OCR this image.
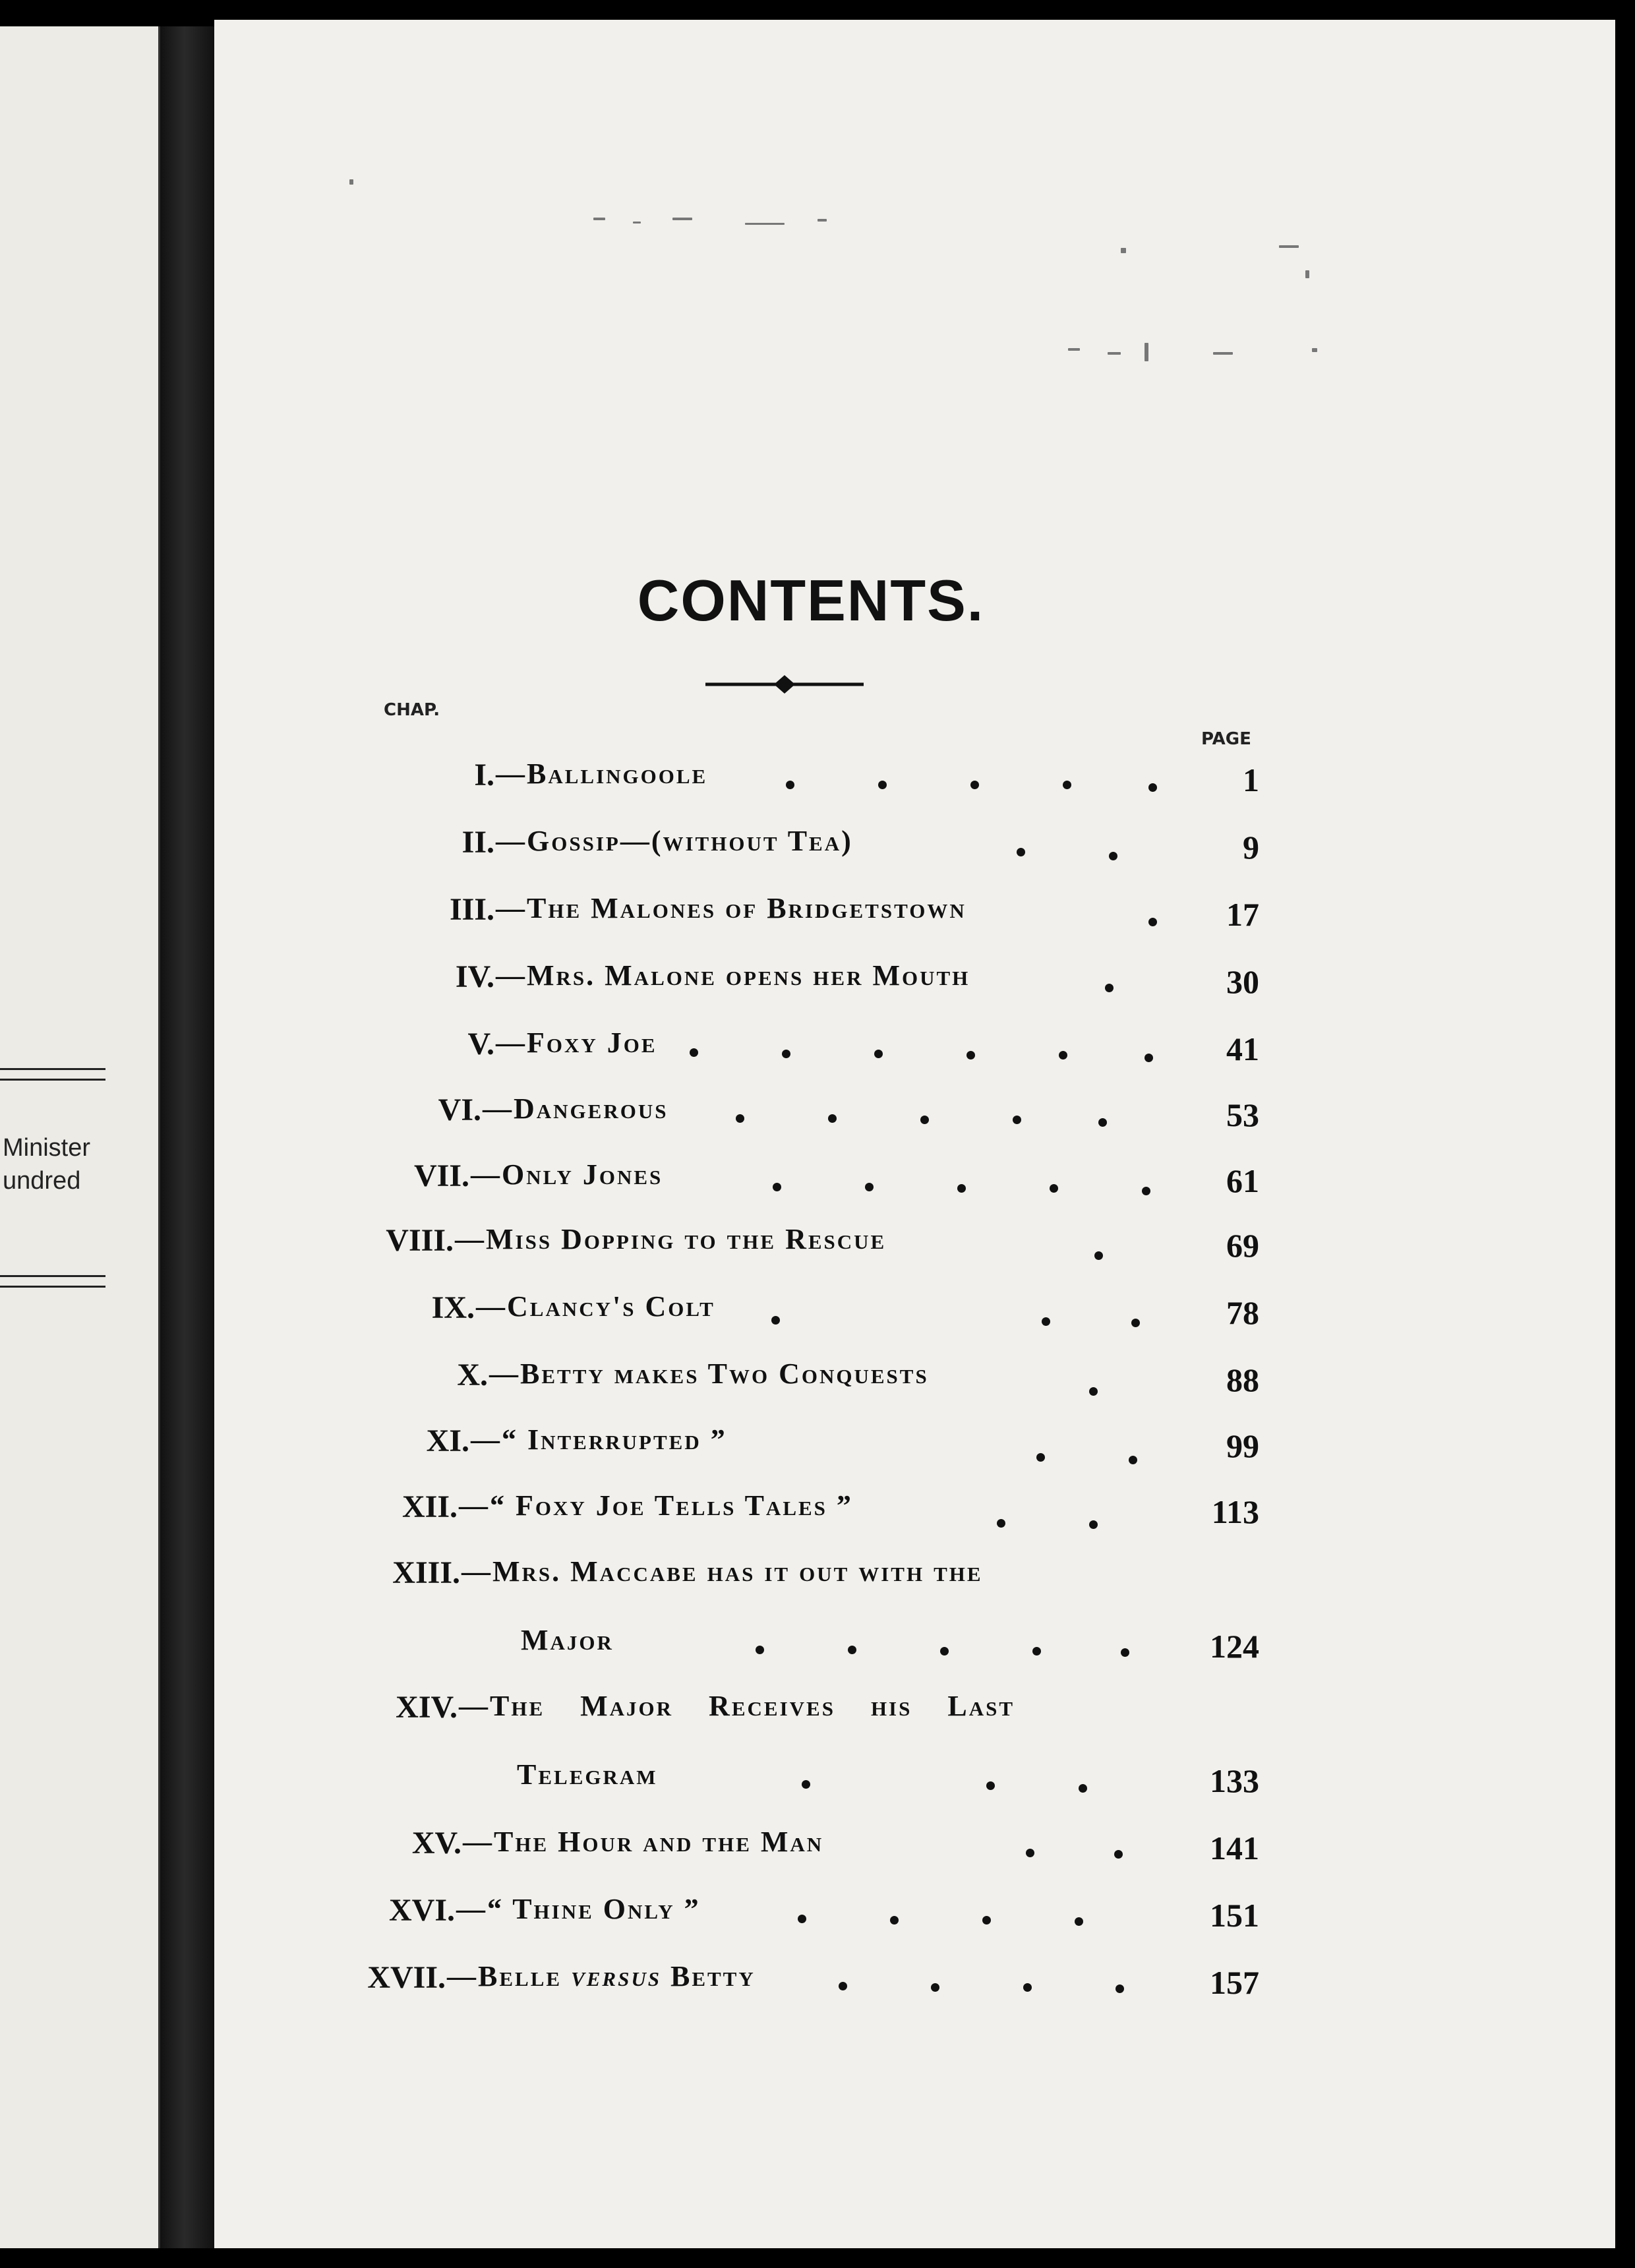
Minister
undred
CONTENTS.
CHAP.
PAGE
I. —Ballingoole	1
II. —Gossip—(without Tea)	9
III. —The Malones of Bridgetstown	17
IV. —Mrs. Malone opens her Mouth	30
V. —Foxy Joe	41
VI. —Dangerous	53
VII. —Only Jones	61
VIII. —Miss Dopping to the Rescue	69
IX. —Clancy's Colt	78
X. —Betty makes Two Conquests	88
XI. —“ Interrupted ”	99
XII. —“ Foxy Joe Tells Tales ”	113
XIII. —Mrs. Maccabe has it out with the
Major	124
XIV. —The Major Receives his Last
Telegram	133
XV. —The Hour and the Man	141
XVI. —“ Thine Only ”	151
XVII. —Belle versus Betty	157
